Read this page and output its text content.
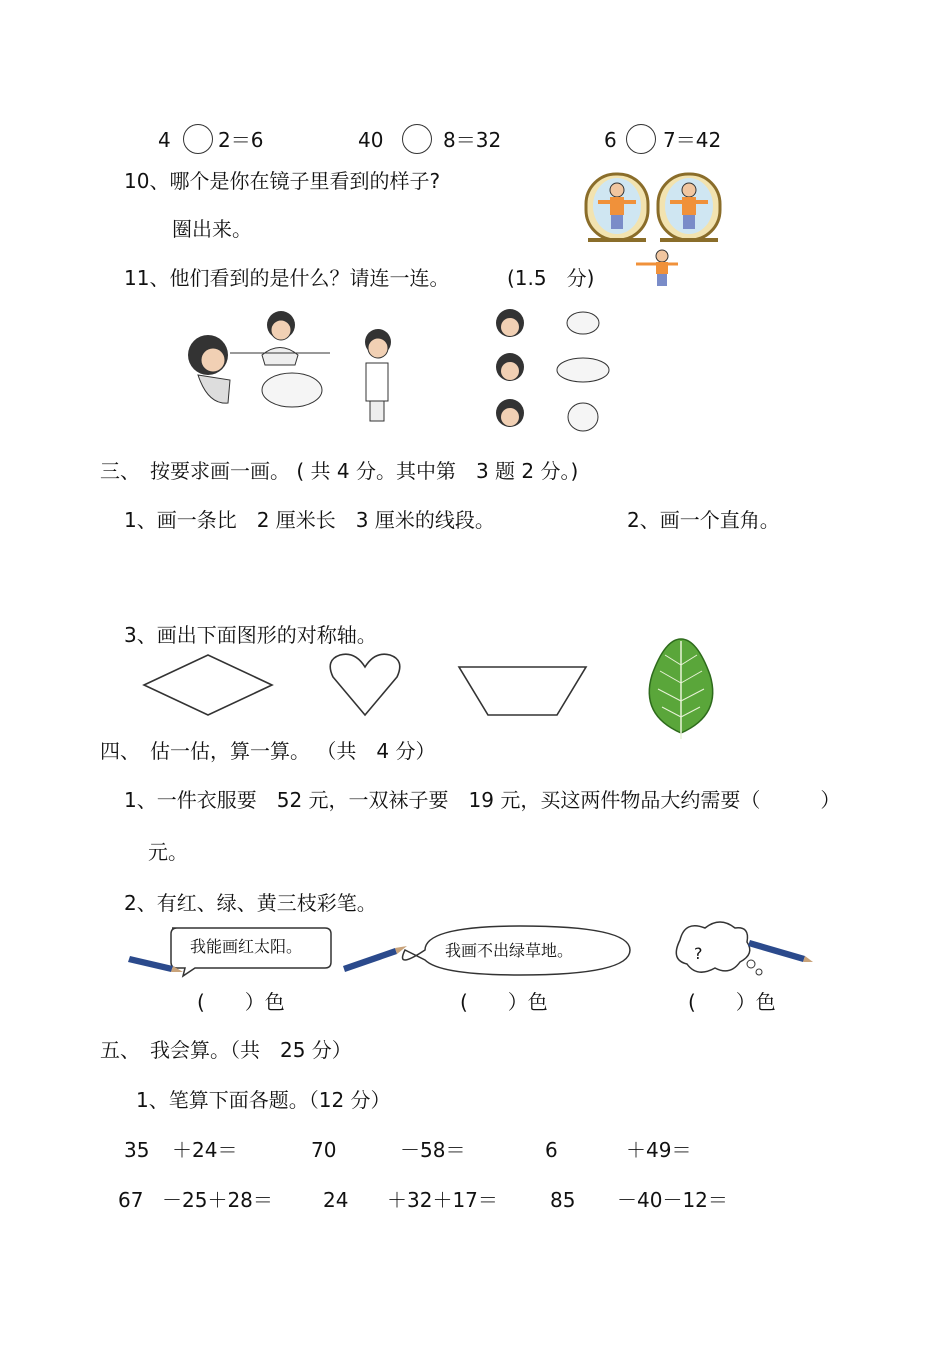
4 2＝6	40	8＝32	6 7＝42
10、哪个是你在镜子里看到的样子?
圈出来。
11、他们看到的是什么？请连一连。	(1.5　分)
三、　按要求画一画。 ( 共 4 分。其中第　3 题 2 分。)
1、画一条比　2 厘米长　3 厘米的线段。	2、画一个直角。
3、画出下面图形的对称轴。
四、　估一估，算一算。 （共　4 分）
1、一件衣服要　52 元，一双袜子要　19 元，买这两件物品大约需要（　　　）
元。
2、有红、绿、黄三枝彩笔。
我能画红太阳。	我画不出绿草地。	?
(　　）色	(　　）色	(　　）色
五、　我会算。（共　25 分）
1、笔算下面各题。（12 分）
35 ＋24＝	70	－58＝	6	＋49＝
67 －25＋28＝	24 ＋32＋17＝	85 －40－12＝
